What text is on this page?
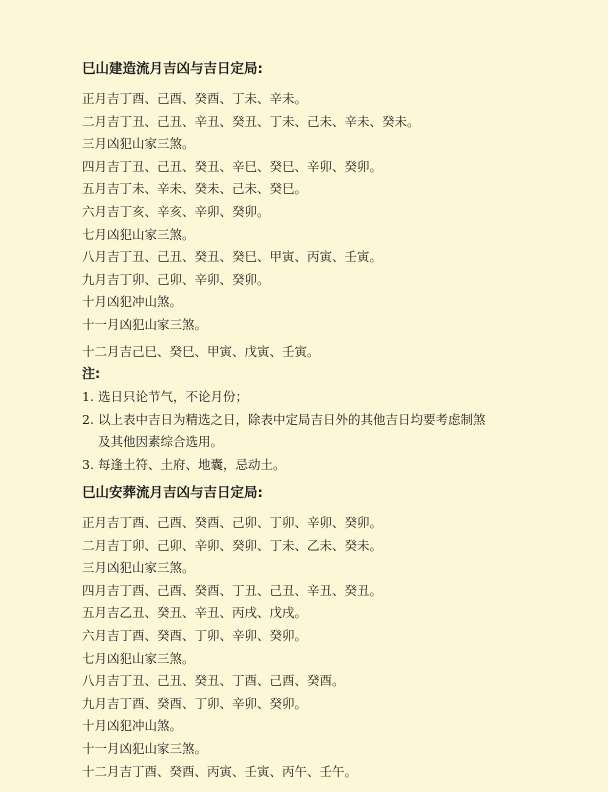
巳山建造流月吉凶与吉日定局:
正月吉丁酉、己酉、癸酉、丁未、辛未。
二月吉丁丑、己丑、辛丑、癸丑、丁未、己未、辛未、癸未。
三月凶犯山家三煞。
四月吉丁丑、己丑、癸丑、辛巳、癸巳、辛卯、癸卯。
五月吉丁未、辛未、癸未、己未、癸巳。
六月吉丁亥、辛亥、辛卯、癸卯。
七月凶犯山家三煞。
八月吉丁丑、己丑、癸丑、癸巳、甲寅、丙寅、壬寅。
九月吉丁卯、己卯、辛卯、癸卯。
十月凶犯冲山煞。
十一月凶犯山家三煞。
十二月吉己巳、癸巳、甲寅、戊寅、壬寅。
注:
1. 选日只论节气，不论月份；
2. 以上表中吉日为精选之日，除表中定局吉日外的其他吉日均要考虑制煞
及其他因素综合选用。
3. 每逢土符、土府、地囊，忌动土。
巳山安葬流月吉凶与吉日定局:
正月吉丁酉、己酉、癸酉、己卯、丁卯、辛卯、癸卯。
二月吉丁卯、己卯、辛卯、癸卯、丁未、乙未、癸未。
三月凶犯山家三煞。
四月吉丁酉、己酉、癸酉、丁丑、己丑、辛丑、癸丑。
五月吉乙丑、癸丑、辛丑、丙戌、戊戌。
六月吉丁酉、癸酉、丁卯、辛卯、癸卯。
七月凶犯山家三煞。
八月吉丁丑、己丑、癸丑、丁酉、己酉、癸酉。
九月吉丁酉、癸酉、丁卯、辛卯、癸卯。
十月凶犯冲山煞。
十一月凶犯山家三煞。
十二月吉丁酉、癸酉、丙寅、壬寅、丙午、壬午。
